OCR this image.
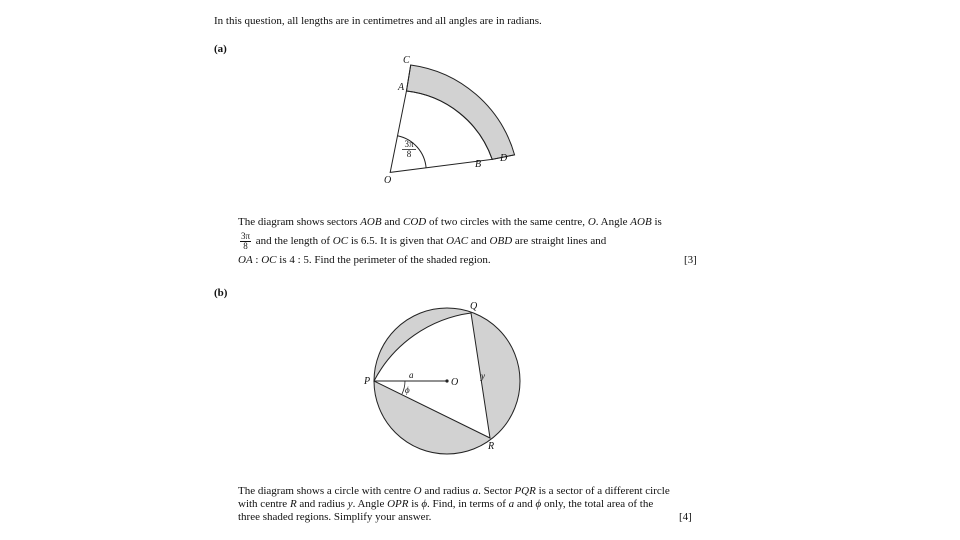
In this question, all lengths are in centimetres and all angles are in radians.
(a)
C
A
B
D
O
3π
8
The diagram shows sectors AOB and COD of two circles with the same centre, O. Angle AOB is
$\frac{3\pi}{8}$ and the length of OC is 6.5. It is given that OAC and OBD are straight lines and
OA : OC is 4 : 5. Find the perimeter of the shaded region.	[3]
(b)
P
Q
R
O
a	y
ϕ
The diagram shows a circle with centre O and radius a. Sector PQR is a sector of a different circle
with centre R and radius y. Angle OPR is ϕ. Find, in terms of a and ϕ only, the total area of the
three shaded regions. Simplify your answer.	[4]
